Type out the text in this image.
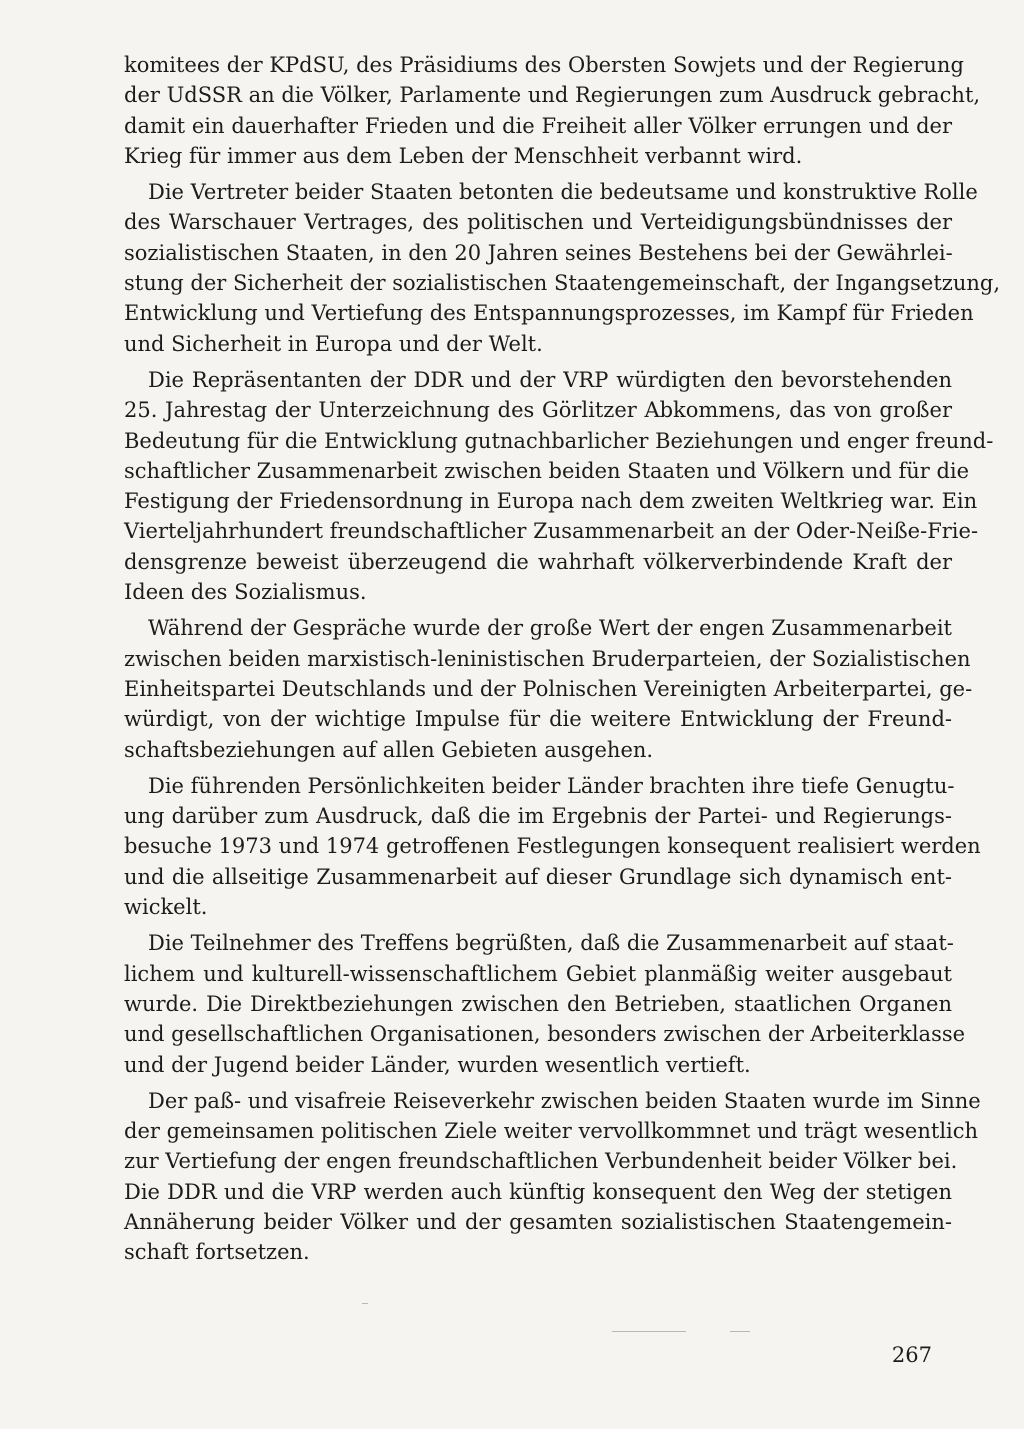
komitees der KPdSU, des Präsidiums des Obersten Sowjets und der Regierung
der UdSSR an die Völker, Parlamente und Regierungen zum Ausdruck gebracht,
damit ein dauerhafter Frieden und die Freiheit aller Völker errungen und der
Krieg für immer aus dem Leben der Menschheit verbannt wird.
Die Vertreter beider Staaten betonten die bedeutsame und konstruktive Rolle
des Warschauer Vertrages, des politischen und Verteidigungsbündnisses der
sozialistischen Staaten, in den 20 Jahren seines Bestehens bei der Gewährlei-
stung der Sicherheit der sozialistischen Staatengemeinschaft, der Ingangsetzung,
Entwicklung und Vertiefung des Entspannungsprozesses, im Kampf für Frieden
und Sicherheit in Europa und der Welt.
Die Repräsentanten der DDR und der VRP würdigten den bevorstehenden
25. Jahrestag der Unterzeichnung des Görlitzer Abkommens, das von großer
Bedeutung für die Entwicklung gutnachbarlicher Beziehungen und enger freund-
schaftlicher Zusammenarbeit zwischen beiden Staaten und Völkern und für die
Festigung der Friedensordnung in Europa nach dem zweiten Weltkrieg war. Ein
Vierteljahrhundert freundschaftlicher Zusammenarbeit an der Oder-Neiße-Frie-
densgrenze beweist überzeugend die wahrhaft völkerverbindende Kraft der
Ideen des Sozialismus.
Während der Gespräche wurde der große Wert der engen Zusammenarbeit
zwischen beiden marxistisch-leninistischen Bruderparteien, der Sozialistischen
Einheitspartei Deutschlands und der Polnischen Vereinigten Arbeiterpartei, ge-
würdigt, von der wichtige Impulse für die weitere Entwicklung der Freund-
schaftsbeziehungen auf allen Gebieten ausgehen.
Die führenden Persönlichkeiten beider Länder brachten ihre tiefe Genugtu-
ung darüber zum Ausdruck, daß die im Ergebnis der Partei- und Regierungs-
besuche 1973 und 1974 getroffenen Festlegungen konsequent realisiert werden
und die allseitige Zusammenarbeit auf dieser Grundlage sich dynamisch ent-
wickelt.
Die Teilnehmer des Treffens begrüßten, daß die Zusammenarbeit auf staat-
lichem und kulturell-wissenschaftlichem Gebiet planmäßig weiter ausgebaut
wurde. Die Direktbeziehungen zwischen den Betrieben, staatlichen Organen
und gesellschaftlichen Organisationen, besonders zwischen der Arbeiterklasse
und der Jugend beider Länder, wurden wesentlich vertieft.
Der paß- und visafreie Reiseverkehr zwischen beiden Staaten wurde im Sinne
der gemeinsamen politischen Ziele weiter vervollkommnet und trägt wesentlich
zur Vertiefung der engen freundschaftlichen Verbundenheit beider Völker bei.
Die DDR und die VRP werden auch künftig konsequent den Weg der stetigen
Annäherung beider Völker und der gesamten sozialistischen Staatengemein-
schaft fortsetzen.
267
